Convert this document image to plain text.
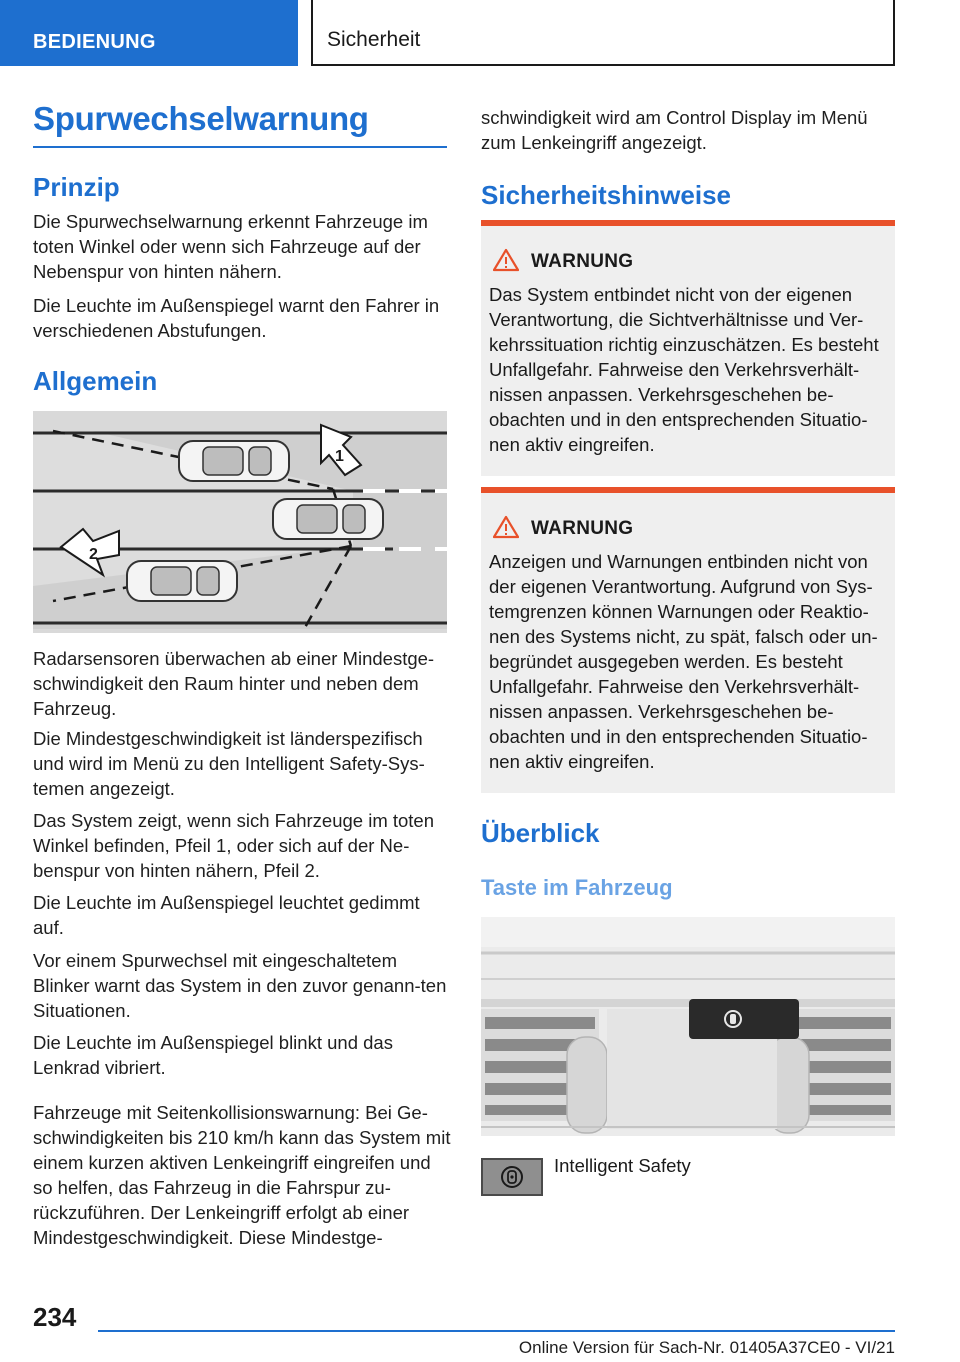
BEDIENUNG	Sicherheit
Spurwechselwarnung
Prinzip

Die Spurwechselwarnung erkennt Fahrzeuge im toten Winkel oder wenn sich Fahrzeuge auf der Nebenspur von hinten nähern.

Die Leuchte im Außenspiegel warnt den Fahrer in verschiedenen Abstufungen.

Allgemein
1
2

Radarsensoren überwachen ab einer Mindestge-schwindigkeit den Raum hinter und neben dem Fahrzeug.

Die Mindestgeschwindigkeit ist länderspezifisch und wird im Menü zu den Intelligent Safety-Sys-temen angezeigt.

Das System zeigt, wenn sich Fahrzeuge im toten Winkel befinden, Pfeil 1, oder sich auf der Ne-benspur von hinten nähern, Pfeil 2.

Die Leuchte im Außenspiegel leuchtet gedimmt auf.

Vor einem Spurwechsel mit eingeschaltetem Blinker warnt das System in den zuvor genann-ten Situationen.

Die Leuchte im Außenspiegel blinkt und das Lenkrad vibriert.

Fahrzeuge mit Seitenkollisionswarnung: Bei Ge-schwindigkeiten bis 210 km/h kann das System mit einem kurzen aktiven Lenkeingriff eingreifen und so helfen, das Fahrzeug in die Fahrspur zu-rückzuführen. Der Lenkeingriff erfolgt ab einer Mindestgeschwindigkeit. Diese Mindestge-

schwindigkeit wird am Control Display im Menü zum Lenkeingriff angezeigt.

Sicherheitshinweise
WARNUNG

Das System entbindet nicht von der eigenen Verantwortung, die Sichtverhältnisse und Ver-kehrssituation richtig einzuschätzen. Es besteht Unfallgefahr. Fahrweise den Verkehrsverhält-nissen anpassen. Verkehrsgeschehen be-obachten und in den entsprechenden Situatio-nen aktiv eingreifen.

WARNUNG

Anzeigen und Warnungen entbinden nicht von der eigenen Verantwortung. Aufgrund von Sys-temgrenzen können Warnungen oder Reaktio-nen des Systems nicht, zu spät, falsch oder un-begründet ausgegeben werden. Es besteht Unfallgefahr. Fahrweise den Verkehrsverhält-nissen anpassen. Verkehrsgeschehen be-obachten und in den entsprechenden Situatio-nen aktiv eingreifen.

Überblick
Taste im Fahrzeug
Intelligent Safety
234
Online Version für Sach-Nr. 01405A37CE0 - VI/21
